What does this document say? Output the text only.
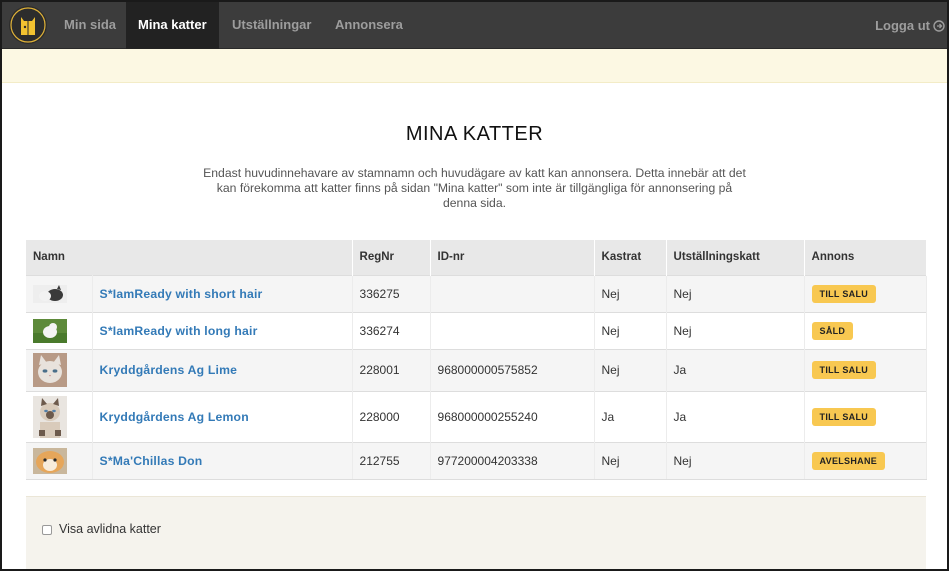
Min sida	Mina katter	Utställningar	Annonsera	Logga ut
MINA KATTER
Endast huvudinnehavare av stamnamn och huvudägare av katt kan annonsera. Detta innebär att det kan förekomma att katter finns på sidan "Mina katter" som inte är tillgängliga för annonsering på denna sida.
Namn		RegNr	ID-nr	Kastrat	Utställningskatt	Annons

	S*IamReady with short hair	336275		Nej	Nej	TILL SALU

	S*IamReady with long hair	336274		Nej	Nej	SÅLD

	Kryddgårdens Ag Lime	228001	968000000575852	Nej	Ja	TILL SALU

	Kryddgårdens Ag Lemon	228000	968000000255240	Ja	Ja	TILL SALU

	S*Ma'Chillas Don	212755	977200004203338	Nej	Nej	AVELSHANE
Visa avlidna katter
